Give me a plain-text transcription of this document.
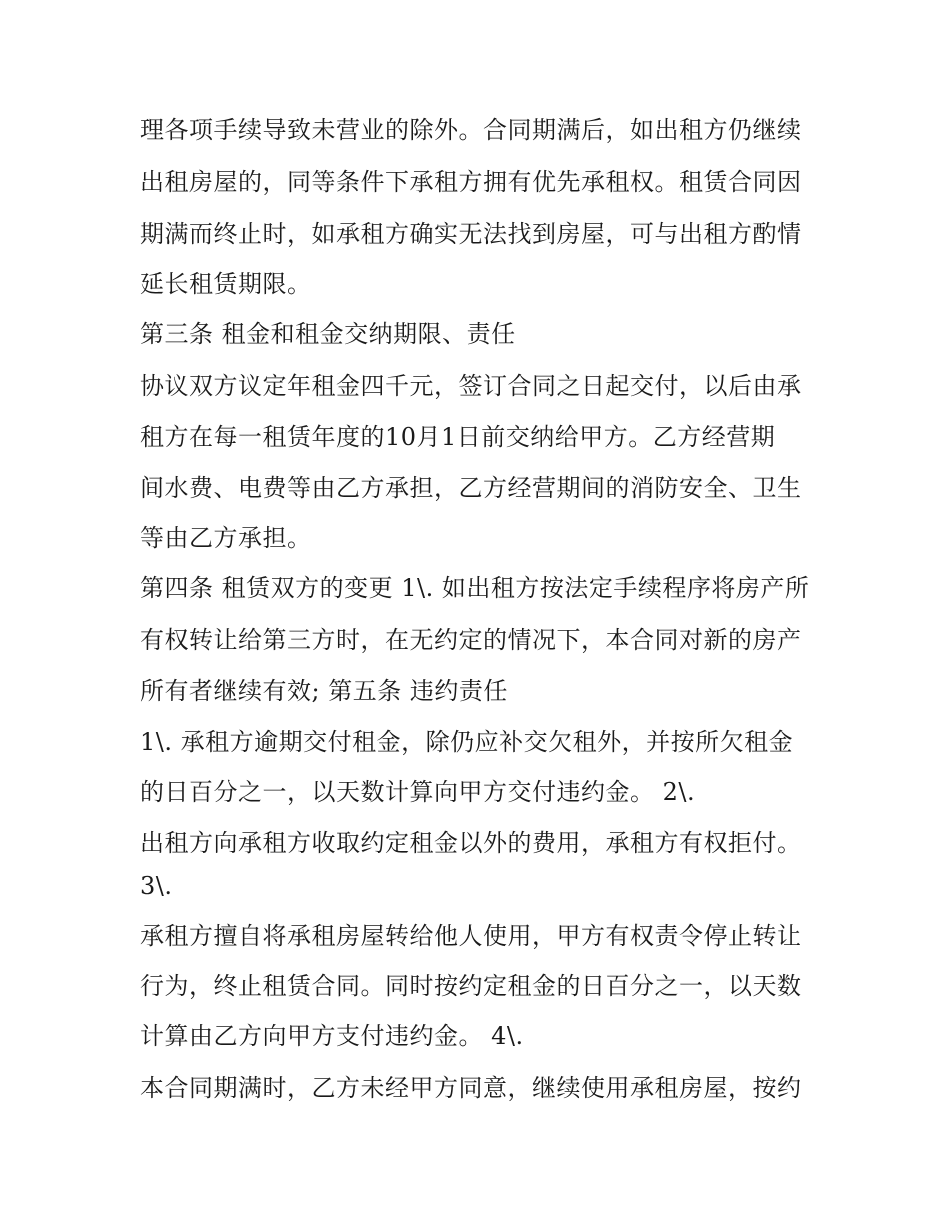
理各项手续导致未营业的除外。合同期满后，如出租方仍继续

出租房屋的，同等条件下承租方拥有优先承租权。租赁合同因

期满而终止时，如承租方确实无法找到房屋，可与出租方酌情

延长租赁期限。

第三条 租金和租金交纳期限、责任

协议双方议定年租金四千元，签订合同之日起交付，以后由承

租方在每一租赁年度的10月1日前交纳给甲方。乙方经营期

间水费、电费等由乙方承担，乙方经营期间的消防安全、卫生

等由乙方承担。

第四条 租赁双方的变更 1\. 如出租方按法定手续程序将房产所

有权转让给第三方时，在无约定的情况下，本合同对新的房产

所有者继续有效; 第五条 违约责任

1\. 承租方逾期交付租金，除仍应补交欠租外，并按所欠租金

的日百分之一，以天数计算向甲方交付违约金。 2\.

出租方向承租方收取约定租金以外的费用，承租方有权拒付。

3\.

承租方擅自将承租房屋转给他人使用，甲方有权责令停止转让

行为，终止租赁合同。同时按约定租金的日百分之一，以天数

计算由乙方向甲方支付违约金。 4\.

本合同期满时，乙方未经甲方同意，继续使用承租房屋，按约
